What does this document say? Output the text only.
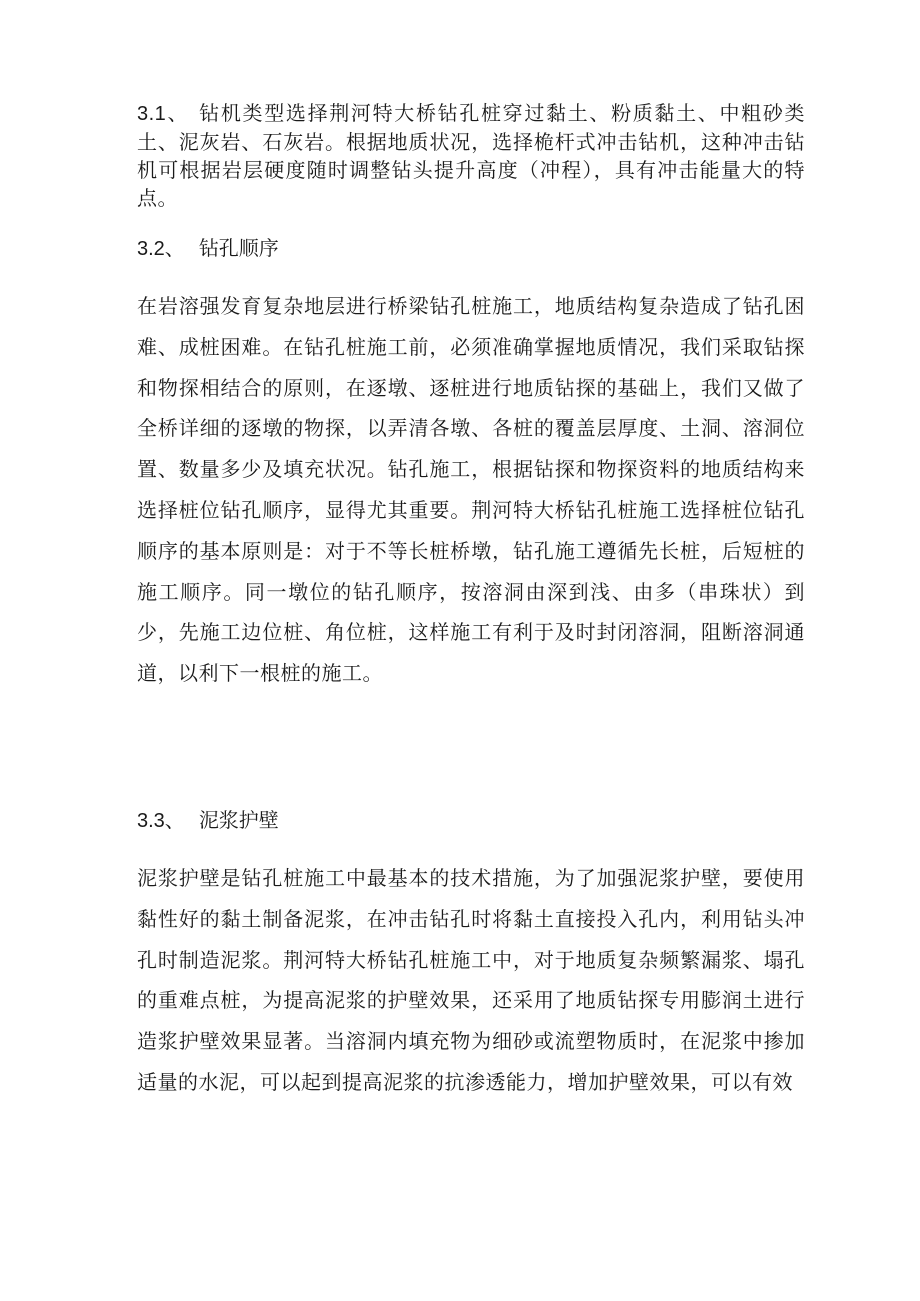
3.1、 钻机类型选择荆河特大桥钻孔桩穿过黏土、粉质黏土、中粗砂类土、泥灰岩、石灰岩。根据地质状况，选择桅杆式冲击钻机，这种冲击钻机可根据岩层硬度随时调整钻头提升高度（冲程），具有冲击能量大的特点。
3.2、 钻孔顺序
在岩溶强发育复杂地层进行桥梁钻孔桩施工，地质结构复杂造成了钻孔困难、成桩困难。在钻孔桩施工前，必须准确掌握地质情况，我们采取钻探和物探相结合的原则，在逐墩、逐桩进行地质钻探的基础上，我们又做了全桥详细的逐墩的物探，以弄清各墩、各桩的覆盖层厚度、土洞、溶洞位置、数量多少及填充状况。钻孔施工，根据钻探和物探资料的地质结构来选择桩位钻孔顺序，显得尤其重要。荆河特大桥钻孔桩施工选择桩位钻孔顺序的基本原则是：对于不等长桩桥墩，钻孔施工遵循先长桩，后短桩的施工顺序。同一墩位的钻孔顺序，按溶洞由深到浅、由多（串珠状）到少，先施工边位桩、角位桩，这样施工有利于及时封闭溶洞，阻断溶洞通道，以利下一根桩的施工。
3.3、 泥浆护壁
泥浆护壁是钻孔桩施工中最基本的技术措施，为了加强泥浆护壁，要使用黏性好的黏土制备泥浆，在冲击钻孔时将黏土直接投入孔内，利用钻头冲孔时制造泥浆。荆河特大桥钻孔桩施工中，对于地质复杂频繁漏浆、塌孔的重难点桩，为提高泥浆的护壁效果，还采用了地质钻探专用膨润土进行造浆护壁效果显著。当溶洞内填充物为细砂或流塑物质时，在泥浆中掺加适量的水泥，可以起到提高泥浆的抗渗透能力，增加护壁效果，可以有效
